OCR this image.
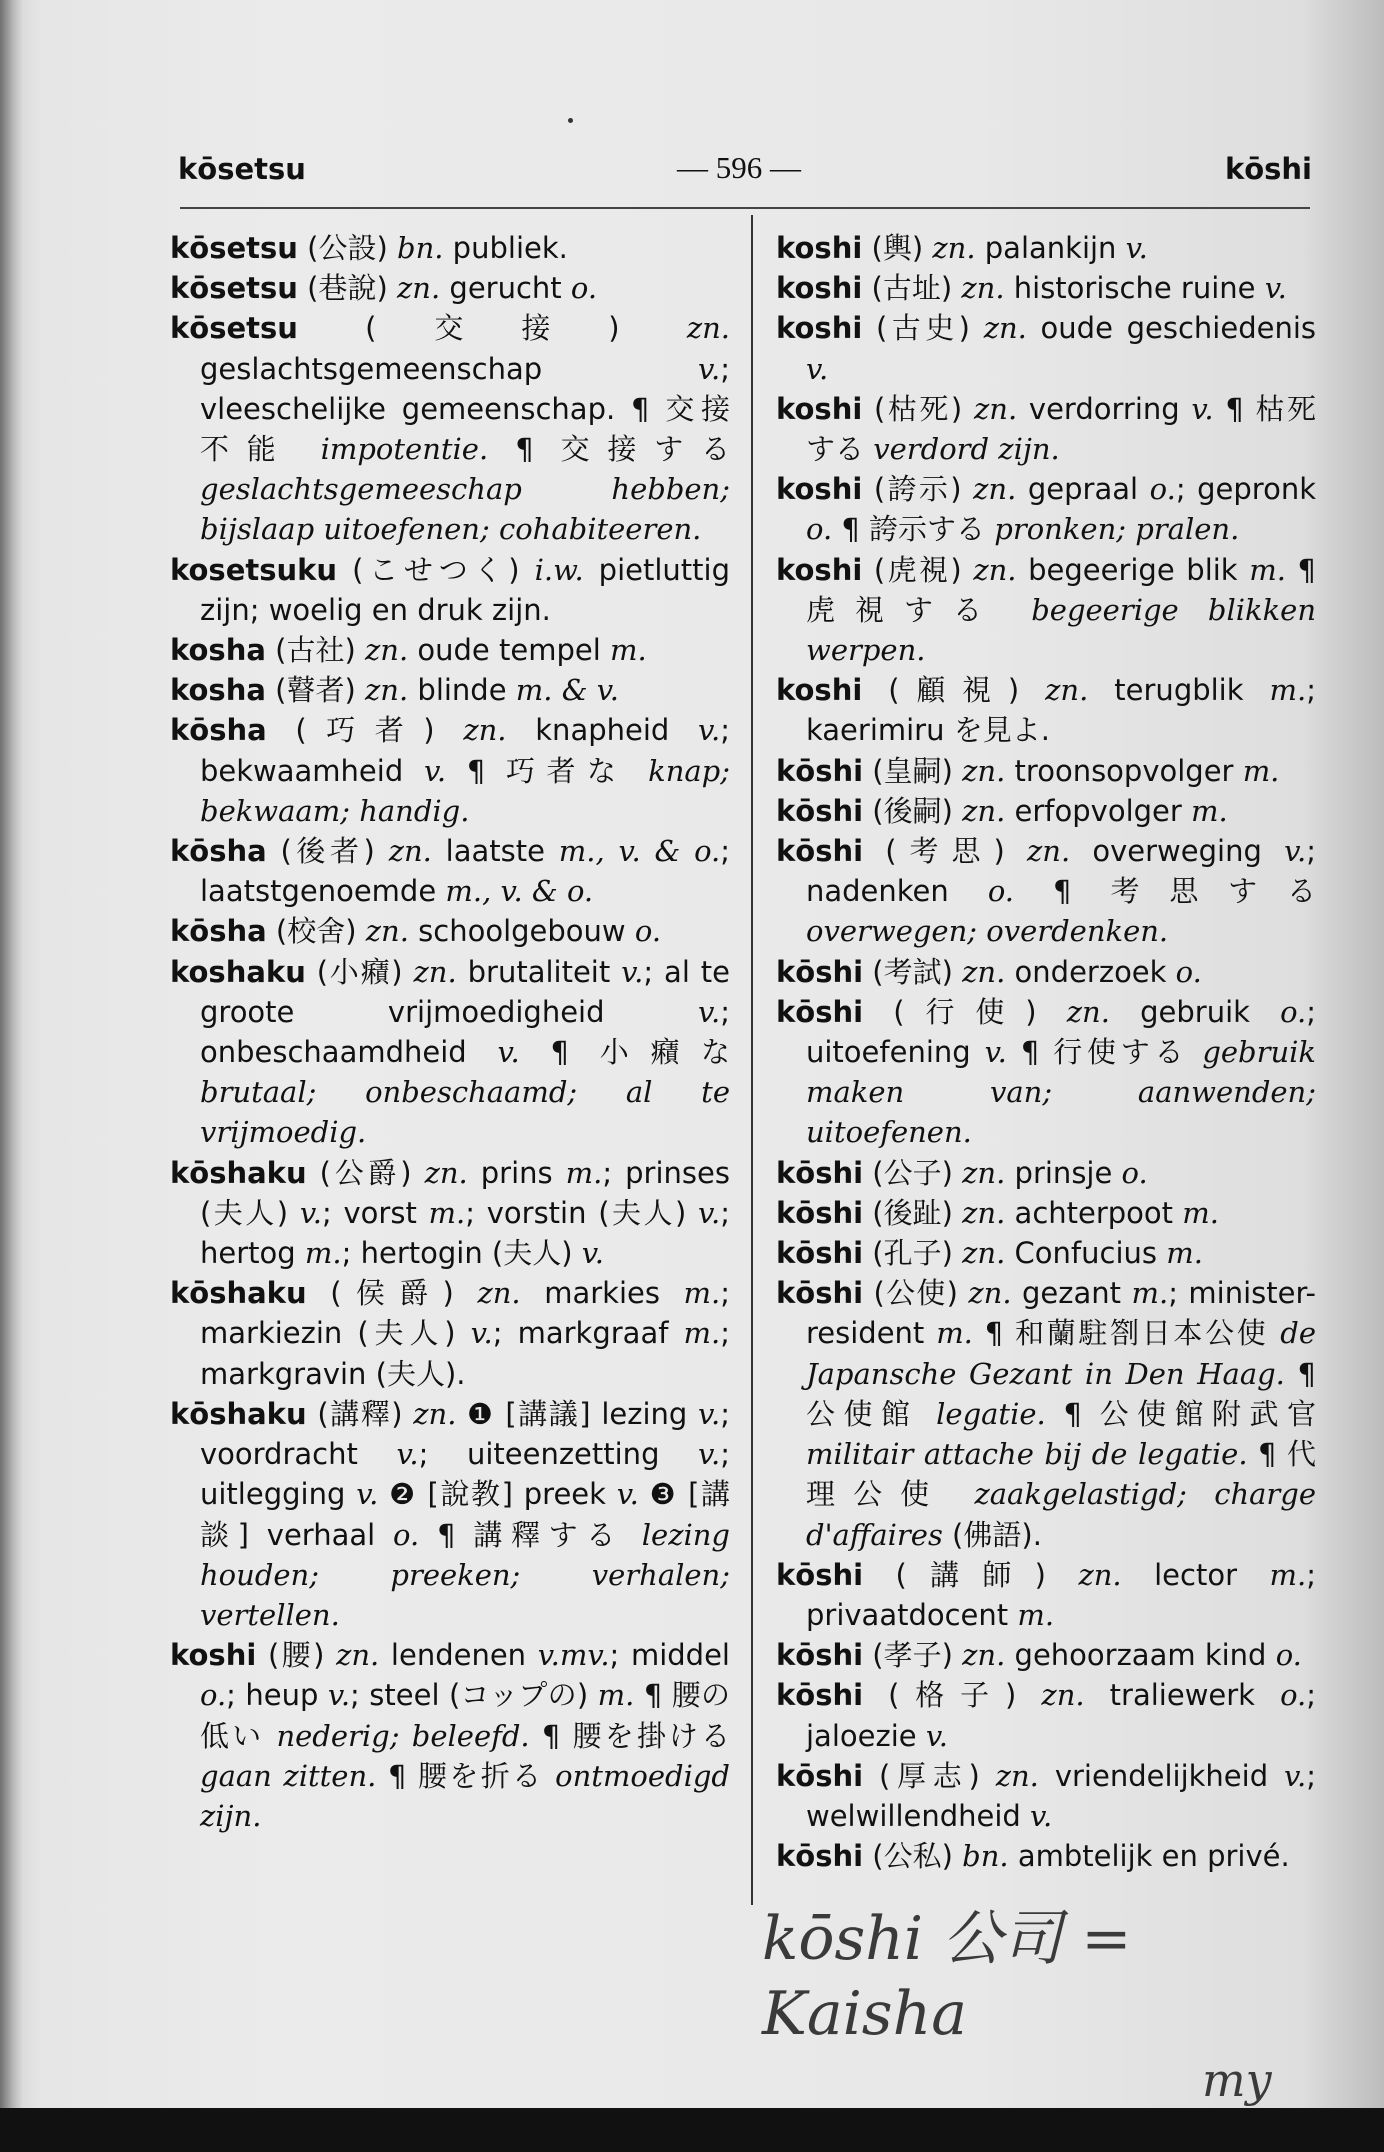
kōsetsu	— 596 —	kōshi

kōsetsu (公設) bn. publiek.

kōsetsu (巷說) zn. gerucht o.

kōsetsu (交接) zn. geslachtsgemeenschap v.; vleeschelijke gemeenschap. ¶ 交接不能 impotentie. ¶ 交接する geslachtsgemeeschap hebben; bijslaap uitoefenen; cohabiteeren.

kosetsuku (こせつく) i.w. pietluttig zijn; woelig en druk zijn.

kosha (古社) zn. oude tempel m.

kosha (瞽者) zn. blinde m. & v.

kōsha (巧者) zn. knapheid v.; bekwaamheid v. ¶ 巧者な knap; bekwaam; handig.

kōsha (後者) zn. laatste m., v. & o.; laatstgenoemde m., v. & o.

kōsha (校舍) zn. schoolgebouw o.

koshaku (小癪) zn. brutaliteit v.; al te groote vrijmoedigheid v.; onbeschaamdheid v. ¶ 小癪な brutaal; onbeschaamd; al te vrijmoedig.

kōshaku (公爵) zn. prins m.; prinses (夫人) v.; vorst m.; vorstin (夫人) v.; hertog m.; hertogin (夫人) v.

kōshaku (侯爵) zn. markies m.; markiezin (夫人) v.; markgraaf m.; markgravin (夫人).

kōshaku (講釋) zn. ❶ [講議] lezing v.; voordracht v.; uiteenzetting v.; uitlegging v. ❷ [說教] preek v. ❸ [講談] verhaal o. ¶ 講釋する lezing houden; preeken; verhalen; vertellen.

koshi (腰) zn. lendenen v.mv.; middel o.; heup v.; steel (コップの) m. ¶ 腰の低い nederig; beleefd. ¶ 腰を掛ける gaan zitten. ¶ 腰を折る ontmoedigd zijn.

koshi (輿) zn. palankijn v.

koshi (古址) zn. historische ruine v.

koshi (古史) zn. oude geschiedenis v.

koshi (枯死) zn. verdorring v. ¶ 枯死する verdord zijn.

koshi (誇示) zn. gepraal o.; gepronk o. ¶ 誇示する pronken; pralen.

koshi (虎視) zn. begeerige blik m. ¶ 虎視する begeerige blikken werpen.

koshi (顧視) zn. terugblik m.; kaerimiru を見よ.

kōshi (皇嗣) zn. troonsopvolger m.

kōshi (後嗣) zn. erfopvolger m.

kōshi (考思) zn. overweging v.; nadenken o. ¶ 考思する overwegen; overdenken.

kōshi (考試) zn. onderzoek o.

kōshi (行使) zn. gebruik o.; uitoefening v. ¶ 行使する gebruik maken van; aanwenden; uitoefenen.

kōshi (公子) zn. prinsje o.

kōshi (後趾) zn. achterpoot m.

kōshi (孔子) zn. Confucius m.

kōshi (公使) zn. gezant m.; minister-resident m. ¶ 和蘭駐劄日本公使 de Japansche Gezant in Den Haag. ¶ 公使館 legatie. ¶ 公使館附武官 militair attache bij de legatie. ¶ 代理公使 zaakgelastigd; charge d'affaires (佛語).

kōshi (講師) zn. lector m.; privaatdocent m.

kōshi (孝子) zn. gehoorzaam kind o.

kōshi (格子) zn. traliewerk o.; jaloezie v.

kōshi (厚志) zn. vriendelijkheid v.; welwillendheid v.

kōshi (公私) bn. ambtelijk en privé.

kōshi 公司 = Kaisha
my
